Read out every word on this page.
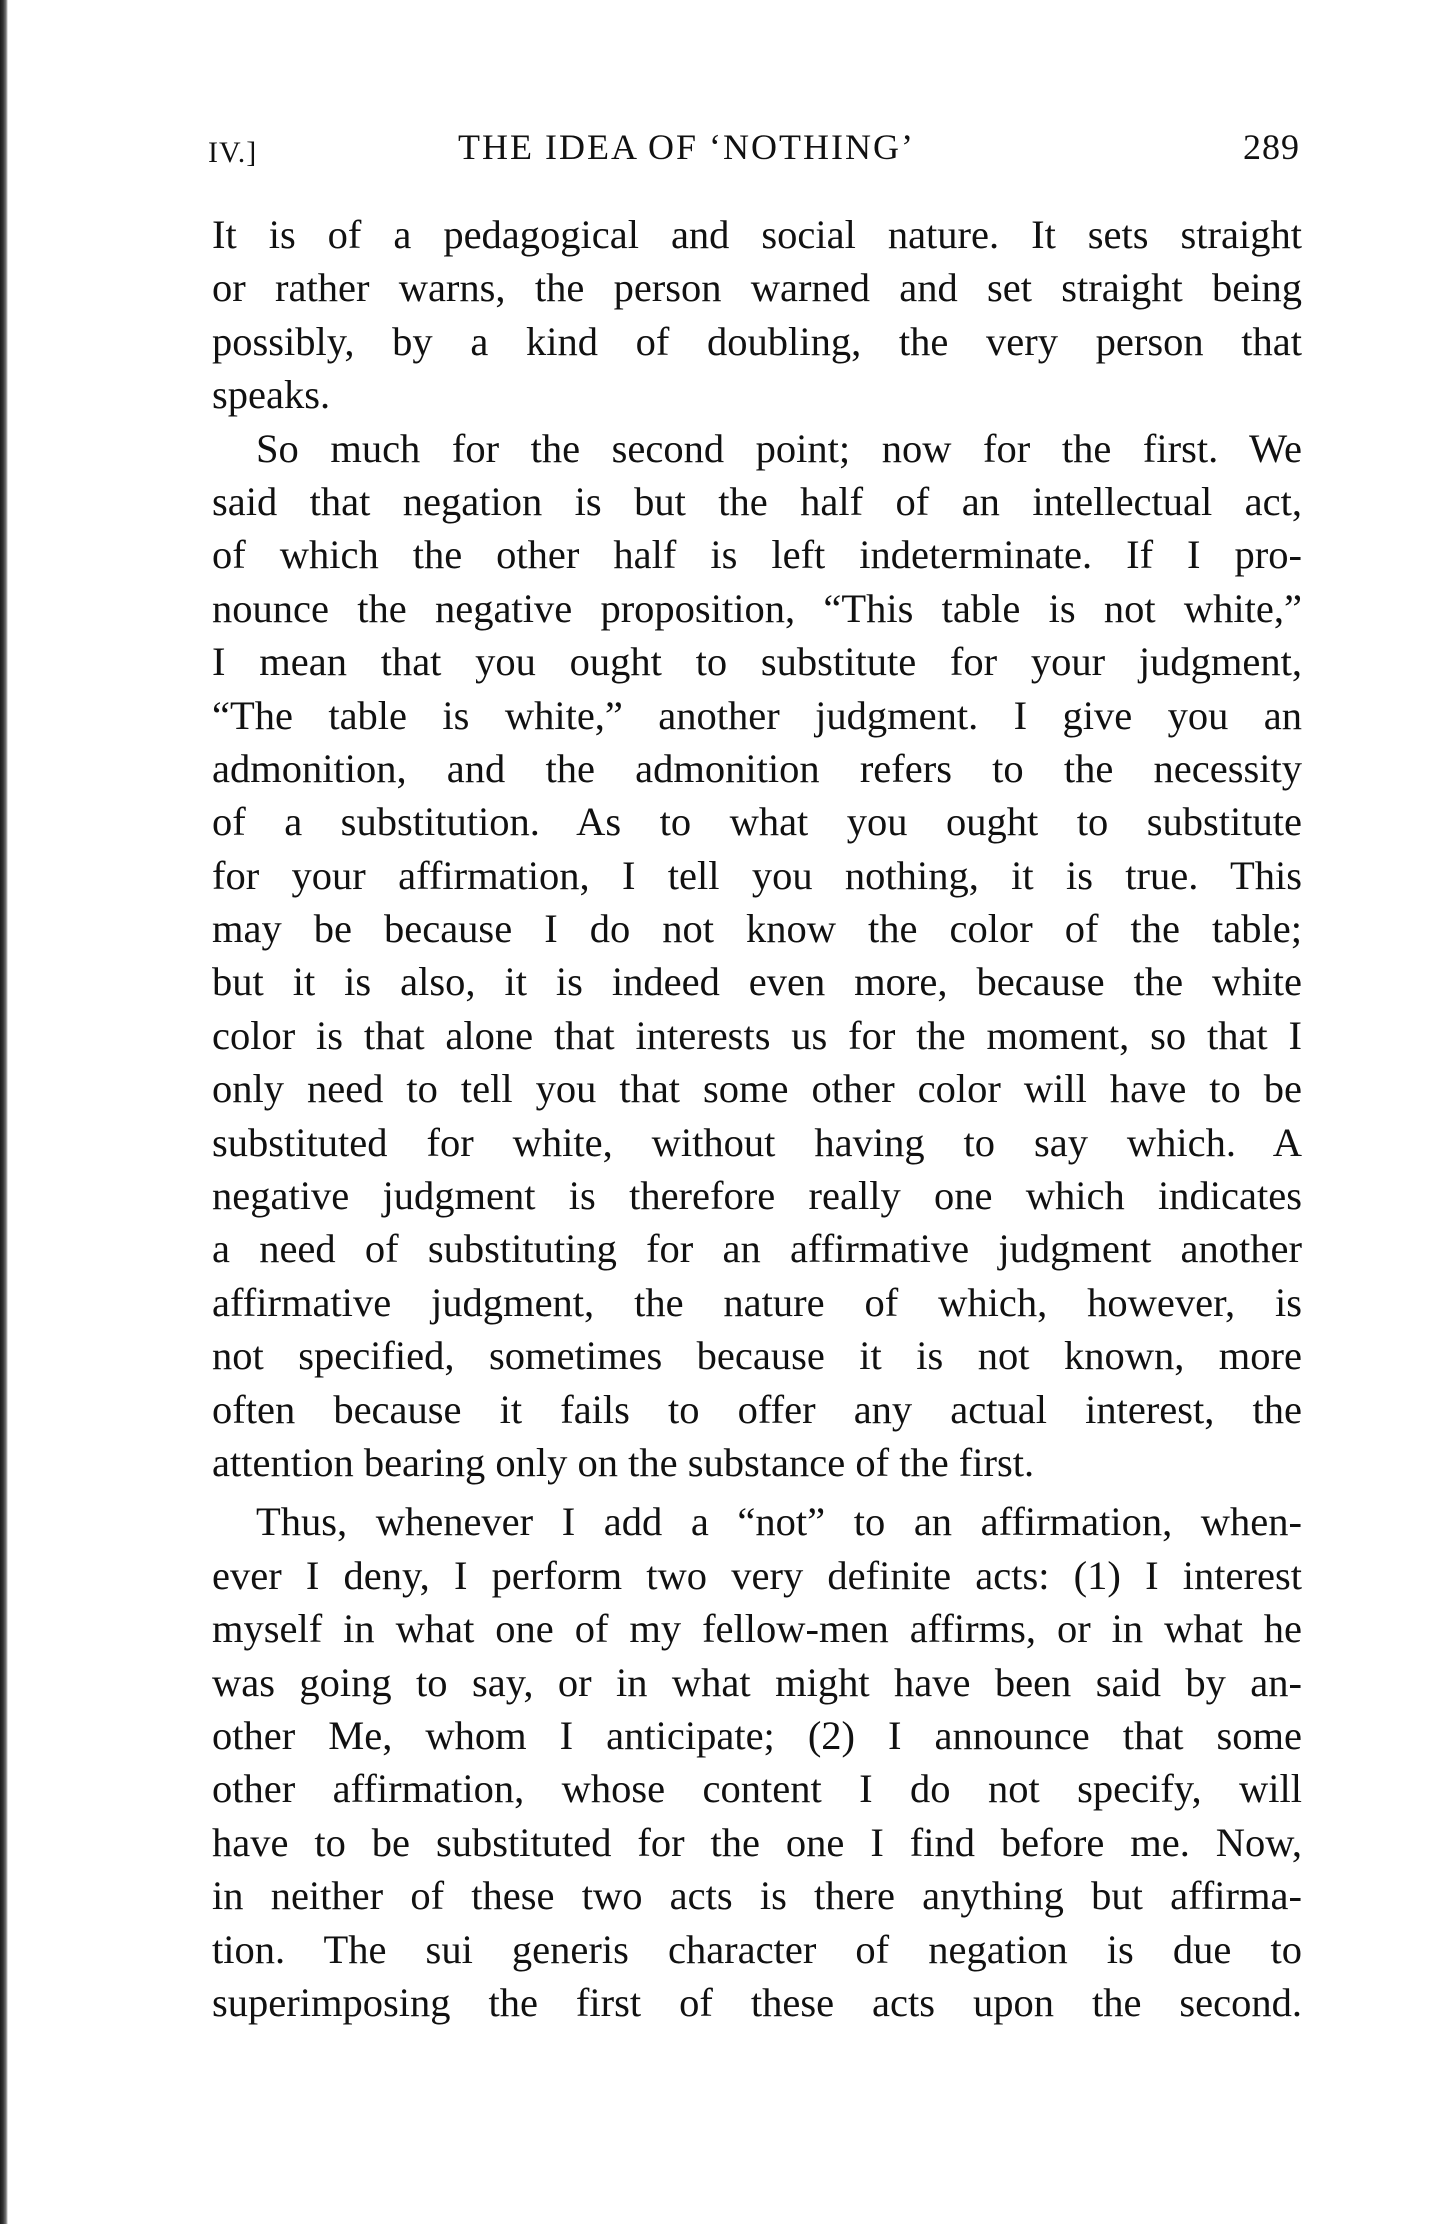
IV.]	THE IDEA OF ‘NOTHING’	289
It is of a pedagogical and social nature. It sets straight
or rather warns, the person warned and set straight being
possibly, by a kind of doubling, the very person that
speaks.
So much for the second point; now for the first. We
said that negation is but the half of an intellectual act,
of which the other half is left indeterminate. If I pro-
nounce the negative proposition, “This table is not white,”
I mean that you ought to substitute for your judgment,
“The table is white,” another judgment. I give you an
admonition, and the admonition refers to the necessity
of a substitution. As to what you ought to substitute
for your affirmation, I tell you nothing, it is true. This
may be because I do not know the color of the table;
but it is also, it is indeed even more, because the white
color is that alone that interests us for the moment, so that I
only need to tell you that some other color will have to be
substituted for white, without having to say which. A
negative judgment is therefore really one which indicates
a need of substituting for an affirmative judgment another
affirmative judgment, the nature of which, however, is
not specified, sometimes because it is not known, more
often because it fails to offer any actual interest, the
attention bearing only on the substance of the first.
Thus, whenever I add a “not” to an affirmation, when-
ever I deny, I perform two very definite acts: (1) I interest
myself in what one of my fellow-men affirms, or in what he
was going to say, or in what might have been said by an-
other Me, whom I anticipate; (2) I announce that some
other affirmation, whose content I do not specify, will
have to be substituted for the one I find before me. Now,
in neither of these two acts is there anything but affirma-
tion. The sui generis character of negation is due to
superimposing the first of these acts upon the second.
